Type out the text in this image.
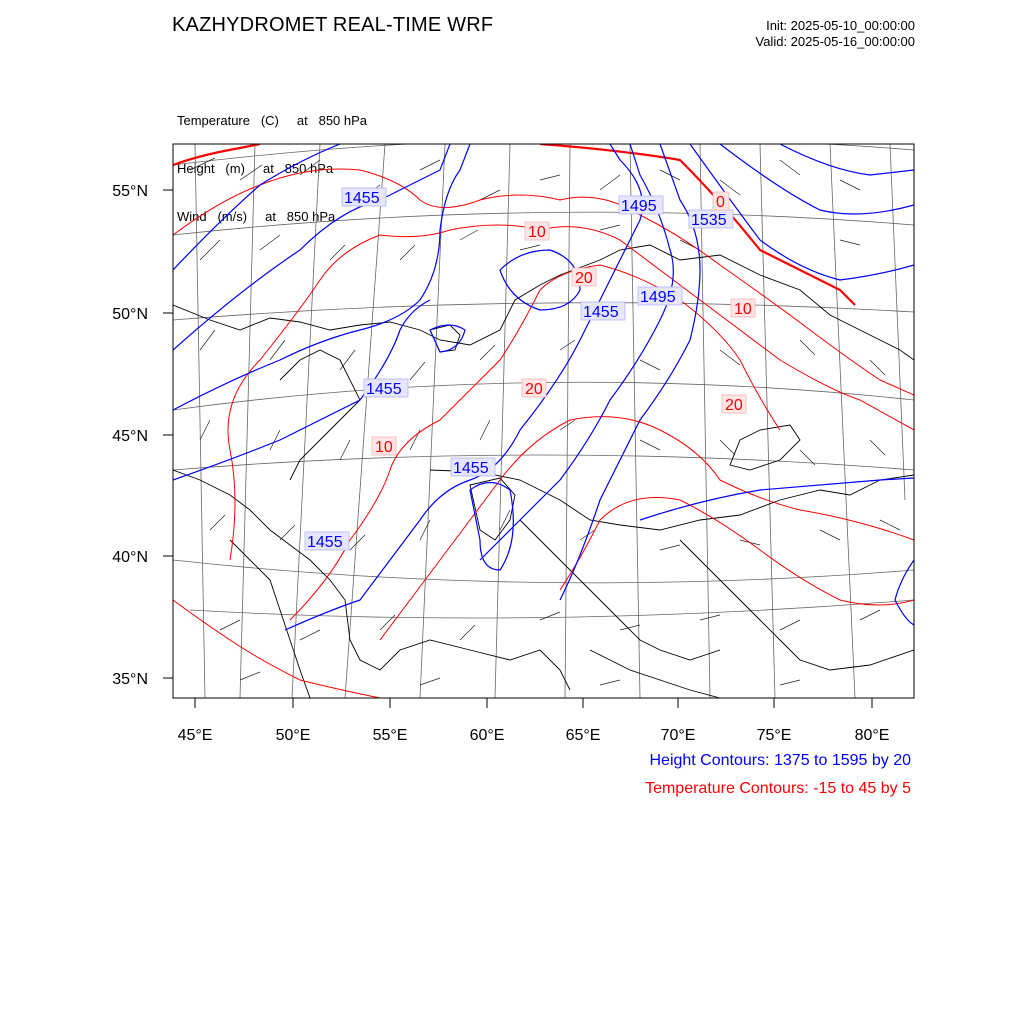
KAZHYDROMET REAL-TIME WRF	Init: 2025-05-10_00:00:00
Valid: 2025-05-16_00:00:00

Temperature   (C)     at   850 hPa

Height   (m)     at   850 hPa

Wind   (m/s)     at   850 hPa

55°N
50°N
45°N
40°N
35°N
45°E	50°E	55°E	60°E	65°E	70°E	75°E	80°E
1455	1495
1535
1495
1455
1455
1455
1455
10
20
0
10
20
20
10
Height Contours: 1375 to 1595 by 20
Temperature Contours: -15 to 45 by 5
